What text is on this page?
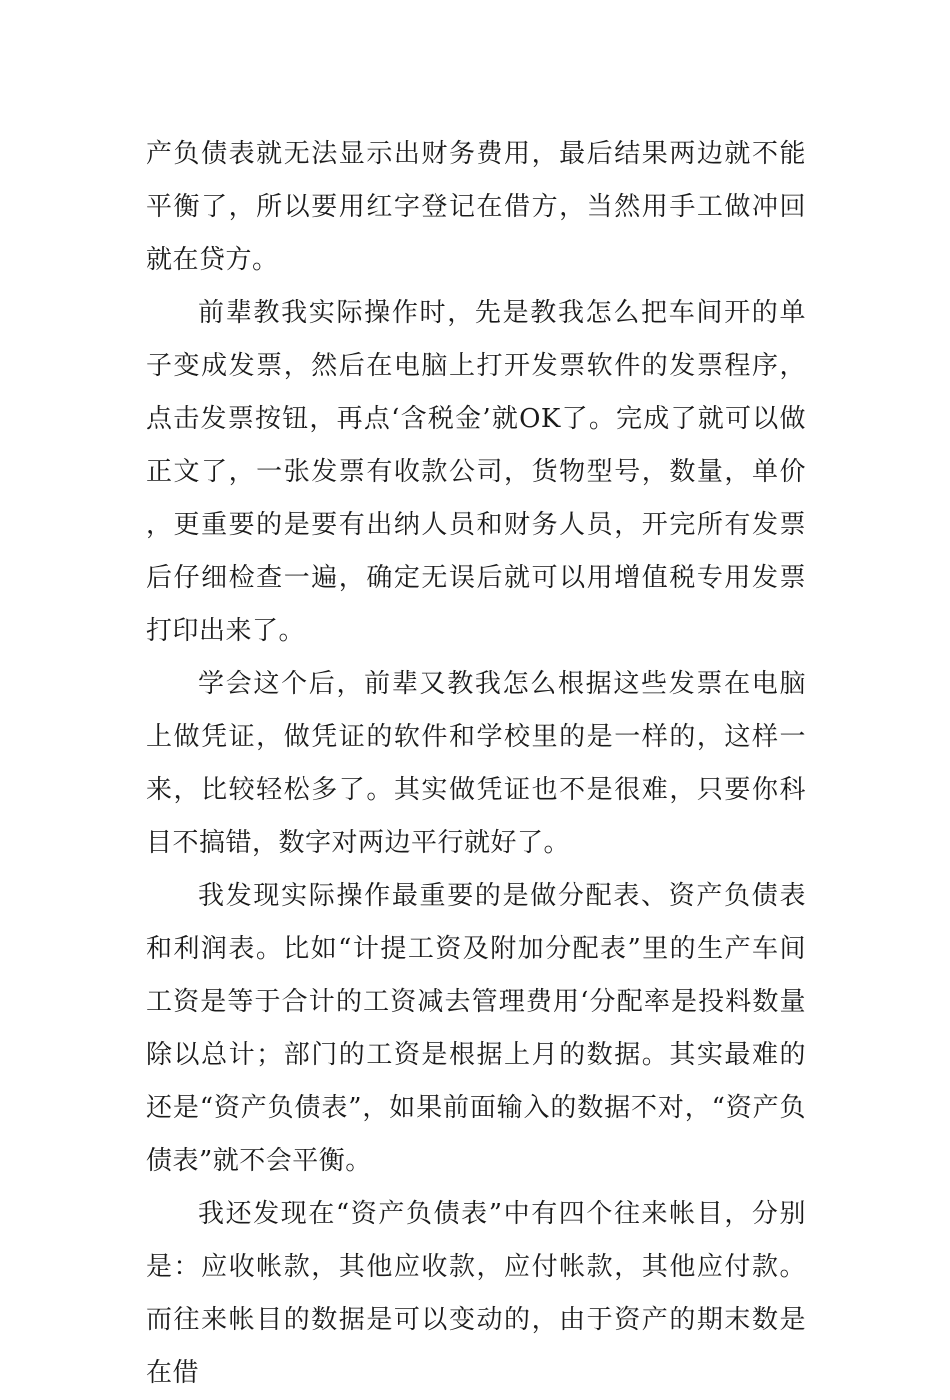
产负债表就无法显示出财务费用，最后结果两边就不能平衡了，所以要用红字登记在借方，当然用手工做冲回就在贷方。

前辈教我实际操作时，先是教我怎么把车间开的单子变成发票，然后在电脑上打开发票软件的发票程序，点击发票按钮，再点‘含税金’就OK了。完成了就可以做正文了，一张发票有收款公司，货物型号，数量，单价，更重要的是要有出纳人员和财务人员，开完所有发票后仔细检查一遍，确定无误后就可以用增值税专用发票打印出来了。

学会这个后，前辈又教我怎么根据这些发票在电脑上做凭证，做凭证的软件和学校里的是一样的，这样一来，比较轻松多了。其实做凭证也不是很难，只要你科目不搞错，数字对两边平行就好了。

我发现实际操作最重要的是做分配表、资产负债表和利润表。比如“计提工资及附加分配表”里的生产车间工资是等于合计的工资减去管理费用‘分配率是投料数量除以总计；部门的工资是根据上月的数据。其实最难的还是“资产负债表”，如果前面输入的数据不对，“资产负债表”就不会平衡。

我还发现在“资产负债表”中有四个往来帐目，分别是：应收帐款，其他应收款，应付帐款，其他应付款。而往来帐目的数据是可以变动的，由于资产的期末数是在借
